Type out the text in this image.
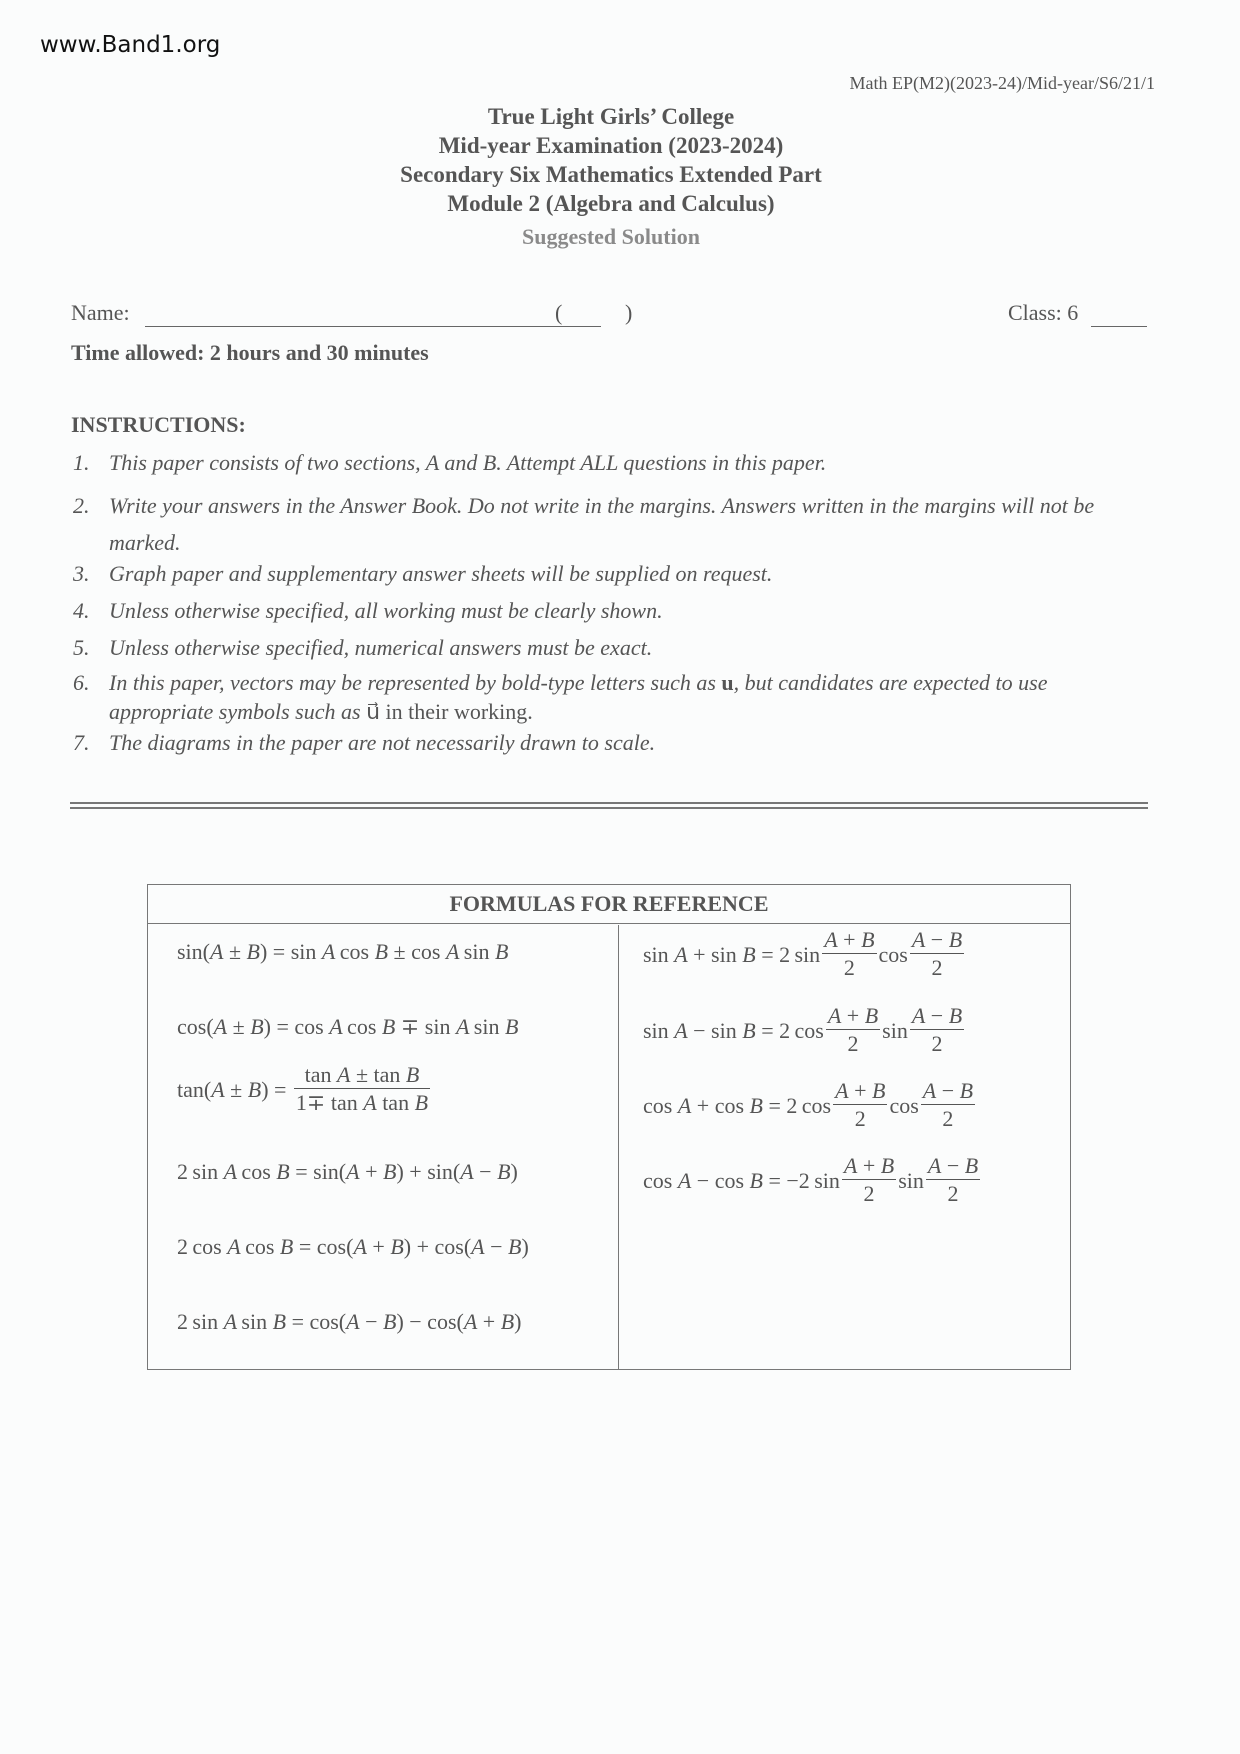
www.Band1.org
Math EP(M2)(2023-24)/Mid-year/S6/21/1
True Light Girls’ College
Mid-year Examination (2023-2024)
Secondary Six Mathematics Extended Part
Module 2 (Algebra and Calculus)
Suggested Solution
Name:	(	)	Class: 6
Time allowed: 2 hours and 30 minutes
INSTRUCTIONS:
1. This paper consists of two sections, A and B. Attempt ALL questions in this paper.
2. Write your answers in the Answer Book. Do not write in the margins. Answers written in the margins will not be marked.
3. Graph paper and supplementary answer sheets will be supplied on request.
4. Unless otherwise specified, all working must be clearly shown.
5. Unless otherwise specified, numerical answers must be exact.
6. In this paper, vectors may be represented by bold-type letters such as u, but candidates are expected to use appropriate symbols such as u⃗ in their working.
7. The diagrams in the paper are not necessarily drawn to scale.
FORMULAS FOR REFERENCE
sin( A ± B ) = sin A  cos B ± cos A  sin B
cos( A ± B ) = cos A  cos B ∓ sin A  sin B
tan( A ± B ) = $\frac{\text{tan A ± tan B}}{\text{1∓ tan A tan B}}$
2 sin A  cos B = sin( A + B ) + sin( A − B )
2 cos A  cos B = cos( A + B ) + cos( A − B )
2 sin A  sin B = cos( A − B ) − cos( A + B )
sin A + sin B = 2 $\sin \frac{A + B}{2}$ $\cos \frac{A - B}{2}$
sin A − sin B = 2 $\cos \frac{A + B}{2}$ $\sin \frac{A - B}{2}$
cos A + cos B = 2 $\cos \frac{A + B}{2}$ $\cos \frac{A - B}{2}$
cos A − cos B = −2 $\sin \frac{A + B}{2}$ $\sin \frac{A - B}{2}$
